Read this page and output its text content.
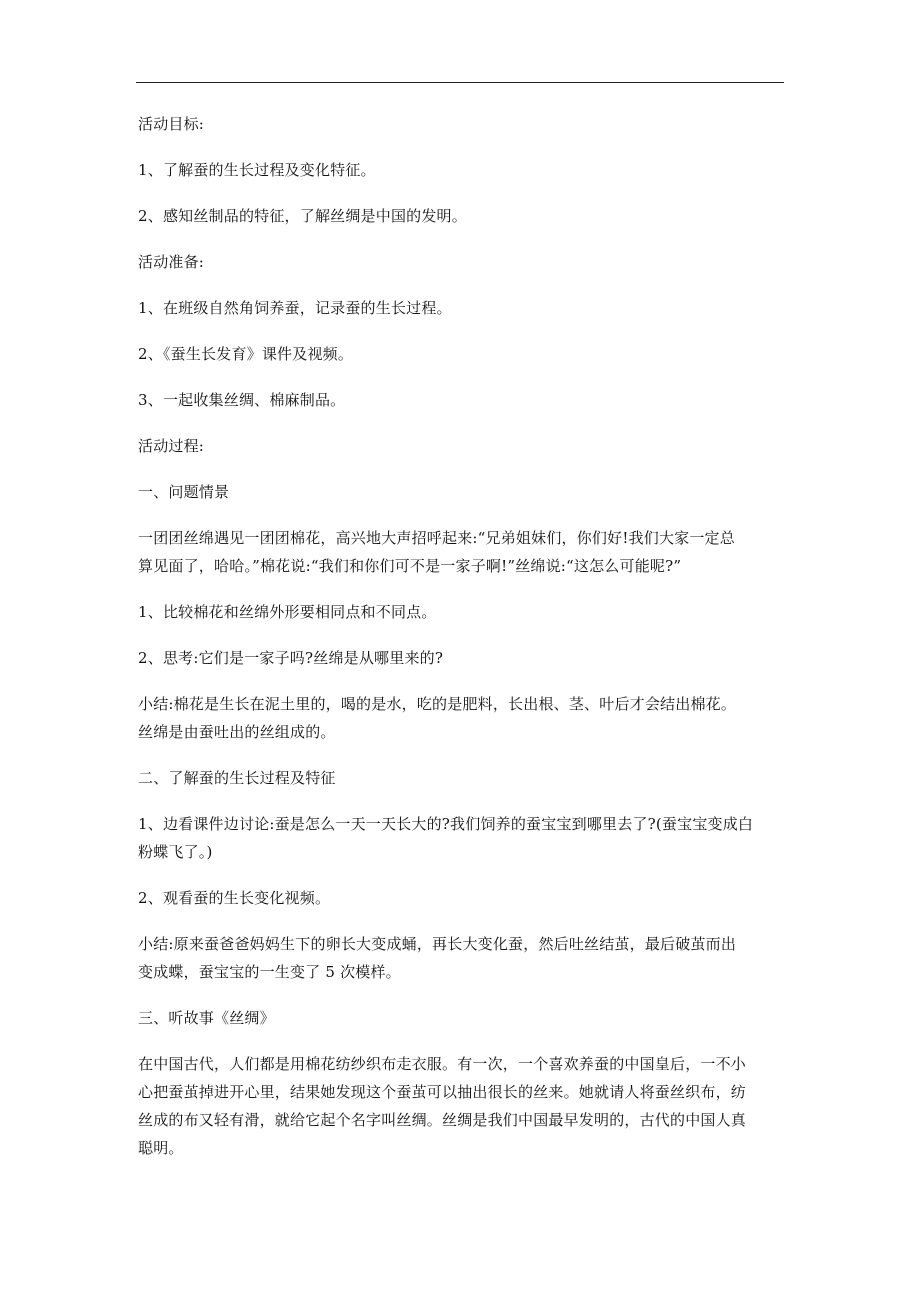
活动目标:

1、了解蚕的生长过程及变化特征。

2、感知丝制品的特征，了解丝绸是中国的发明。

活动准备:

1、在班级自然角饲养蚕，记录蚕的生长过程。

2、《蚕生长发育》课件及视频。

3、一起收集丝绸、棉麻制品。

活动过程:

一、问题情景

一团团丝绵遇见一团团棉花，高兴地大声招呼起来:“兄弟姐妹们，你们好!我们大家一定总

算见面了，哈哈。”棉花说:“我们和你们可不是一家子啊!”丝绵说:“这怎么可能呢?”

1、比较棉花和丝绵外形要相同点和不同点。

2、思考:它们是一家子吗?丝绵是从哪里来的?

小结:棉花是生长在泥土里的，喝的是水，吃的是肥料，长出根、茎、叶后才会结出棉花。

丝绵是由蚕吐出的丝组成的。

二、了解蚕的生长过程及特征

1、边看课件边讨论:蚕是怎么一天一天长大的?我们饲养的蚕宝宝到哪里去了?(蚕宝宝变成白

粉蝶飞了。)

2、观看蚕的生长变化视频。

小结:原来蚕爸爸妈妈生下的卵长大变成蛹，再长大变化蚕，然后吐丝结茧，最后破茧而出

变成蝶，蚕宝宝的一生变了 5 次模样。

三、听故事《丝绸》

在中国古代，人们都是用棉花纺纱织布走衣服。有一次，一个喜欢养蚕的中国皇后，一不小

心把蚕茧掉进开心里，结果她发现这个蚕茧可以抽出很长的丝来。她就请人将蚕丝织布，纺

丝成的布又轻有滑，就给它起个名字叫丝绸。丝绸是我们中国最早发明的，古代的中国人真

聪明。
